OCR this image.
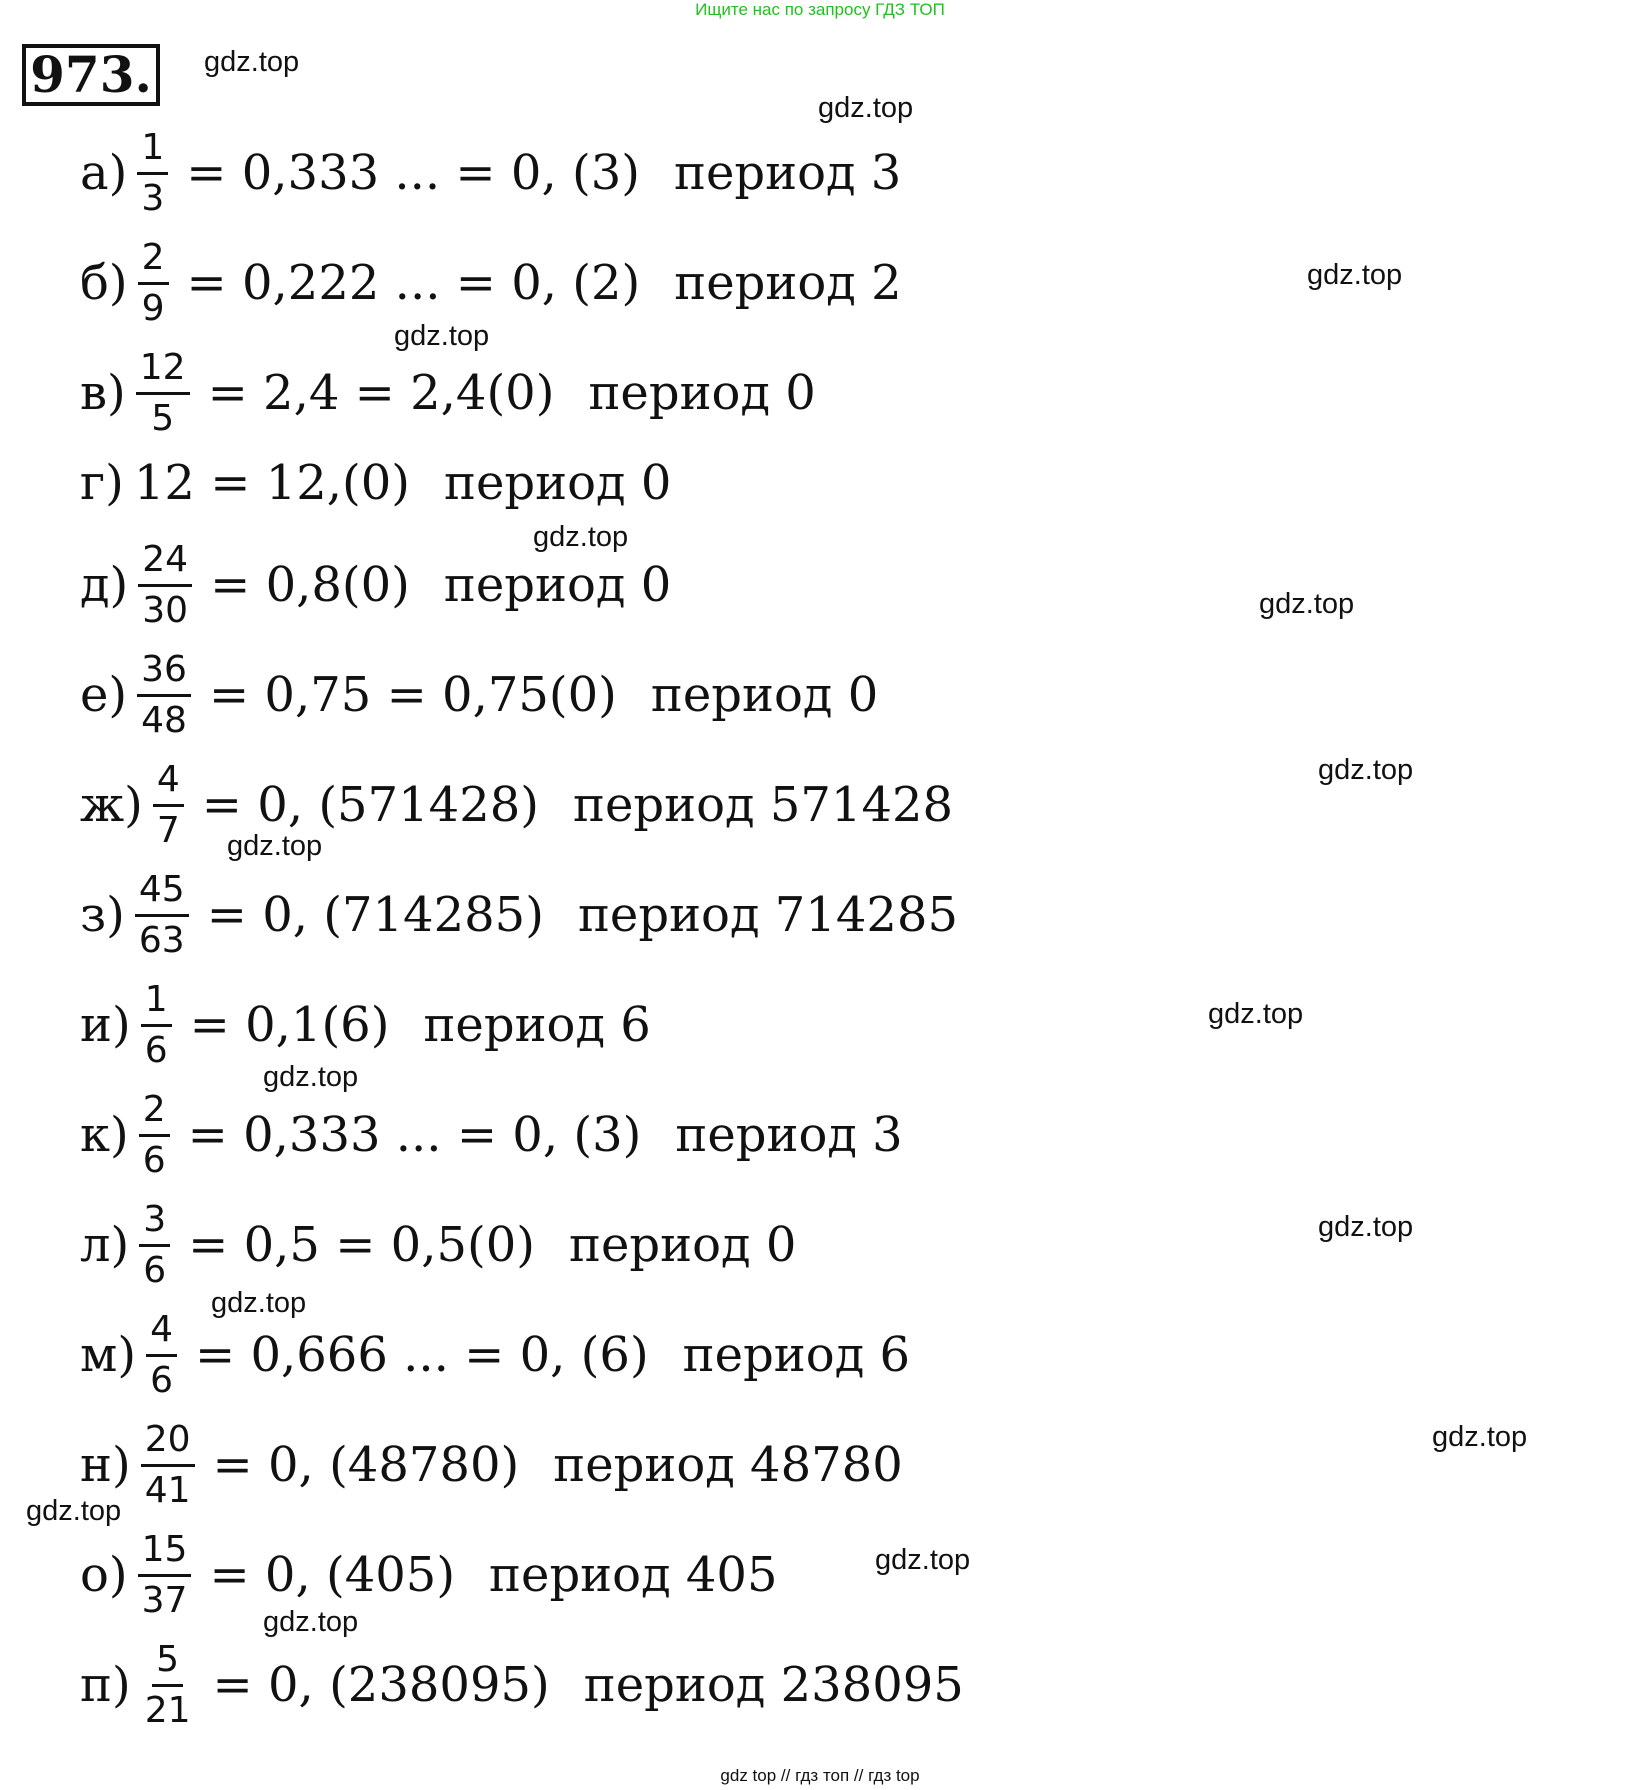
Ищите нас по запросу ГДЗ ТОП
973. gdz.top
gdz.top
gdz.top
gdz.top
gdz.top
gdz.top
gdz.top
gdz.top
gdz.top
gdz.top
gdz.top
gdz.top
gdz.top
gdz.top
gdz.top
gdz.top
$а) \frac{1}{3} = 0,333$ ... = 0, (3) период 3
$б) \frac{2}{9} = 0,222$ ... = 0, (2) период 2
$в) \frac{12}{5} = 2,4 = 2,4(0)$ период 0
г) 12 = 12,(0) период 0
$д) \frac{24}{30} = 0,8(0)$ период 0
$е) \frac{36}{48} = 0,75 = 0,75(0)$ период 0
$ж) \frac{4}{7} = 0$, (571428) период 571428
$з) \frac{45}{63} = 0$, (714285) период 714285
$и) \frac{1}{6} = 0,1(6)$ период 6
$к) \frac{2}{6} = 0,333$ ... = 0, (3) период 3
$л) \frac{3}{6} = 0,5 = 0,5(0)$ период 0
$м) \frac{4}{6} = 0,666$ ... = 0, (6) период 6
$н) \frac{20}{41} = 0$, (48780) период 48780
$о) \frac{15}{37} = 0$, (405) период 405
$п) \frac{5}{21} = 0$, (238095) период 238095
gdz top // гдз топ // гдз top
